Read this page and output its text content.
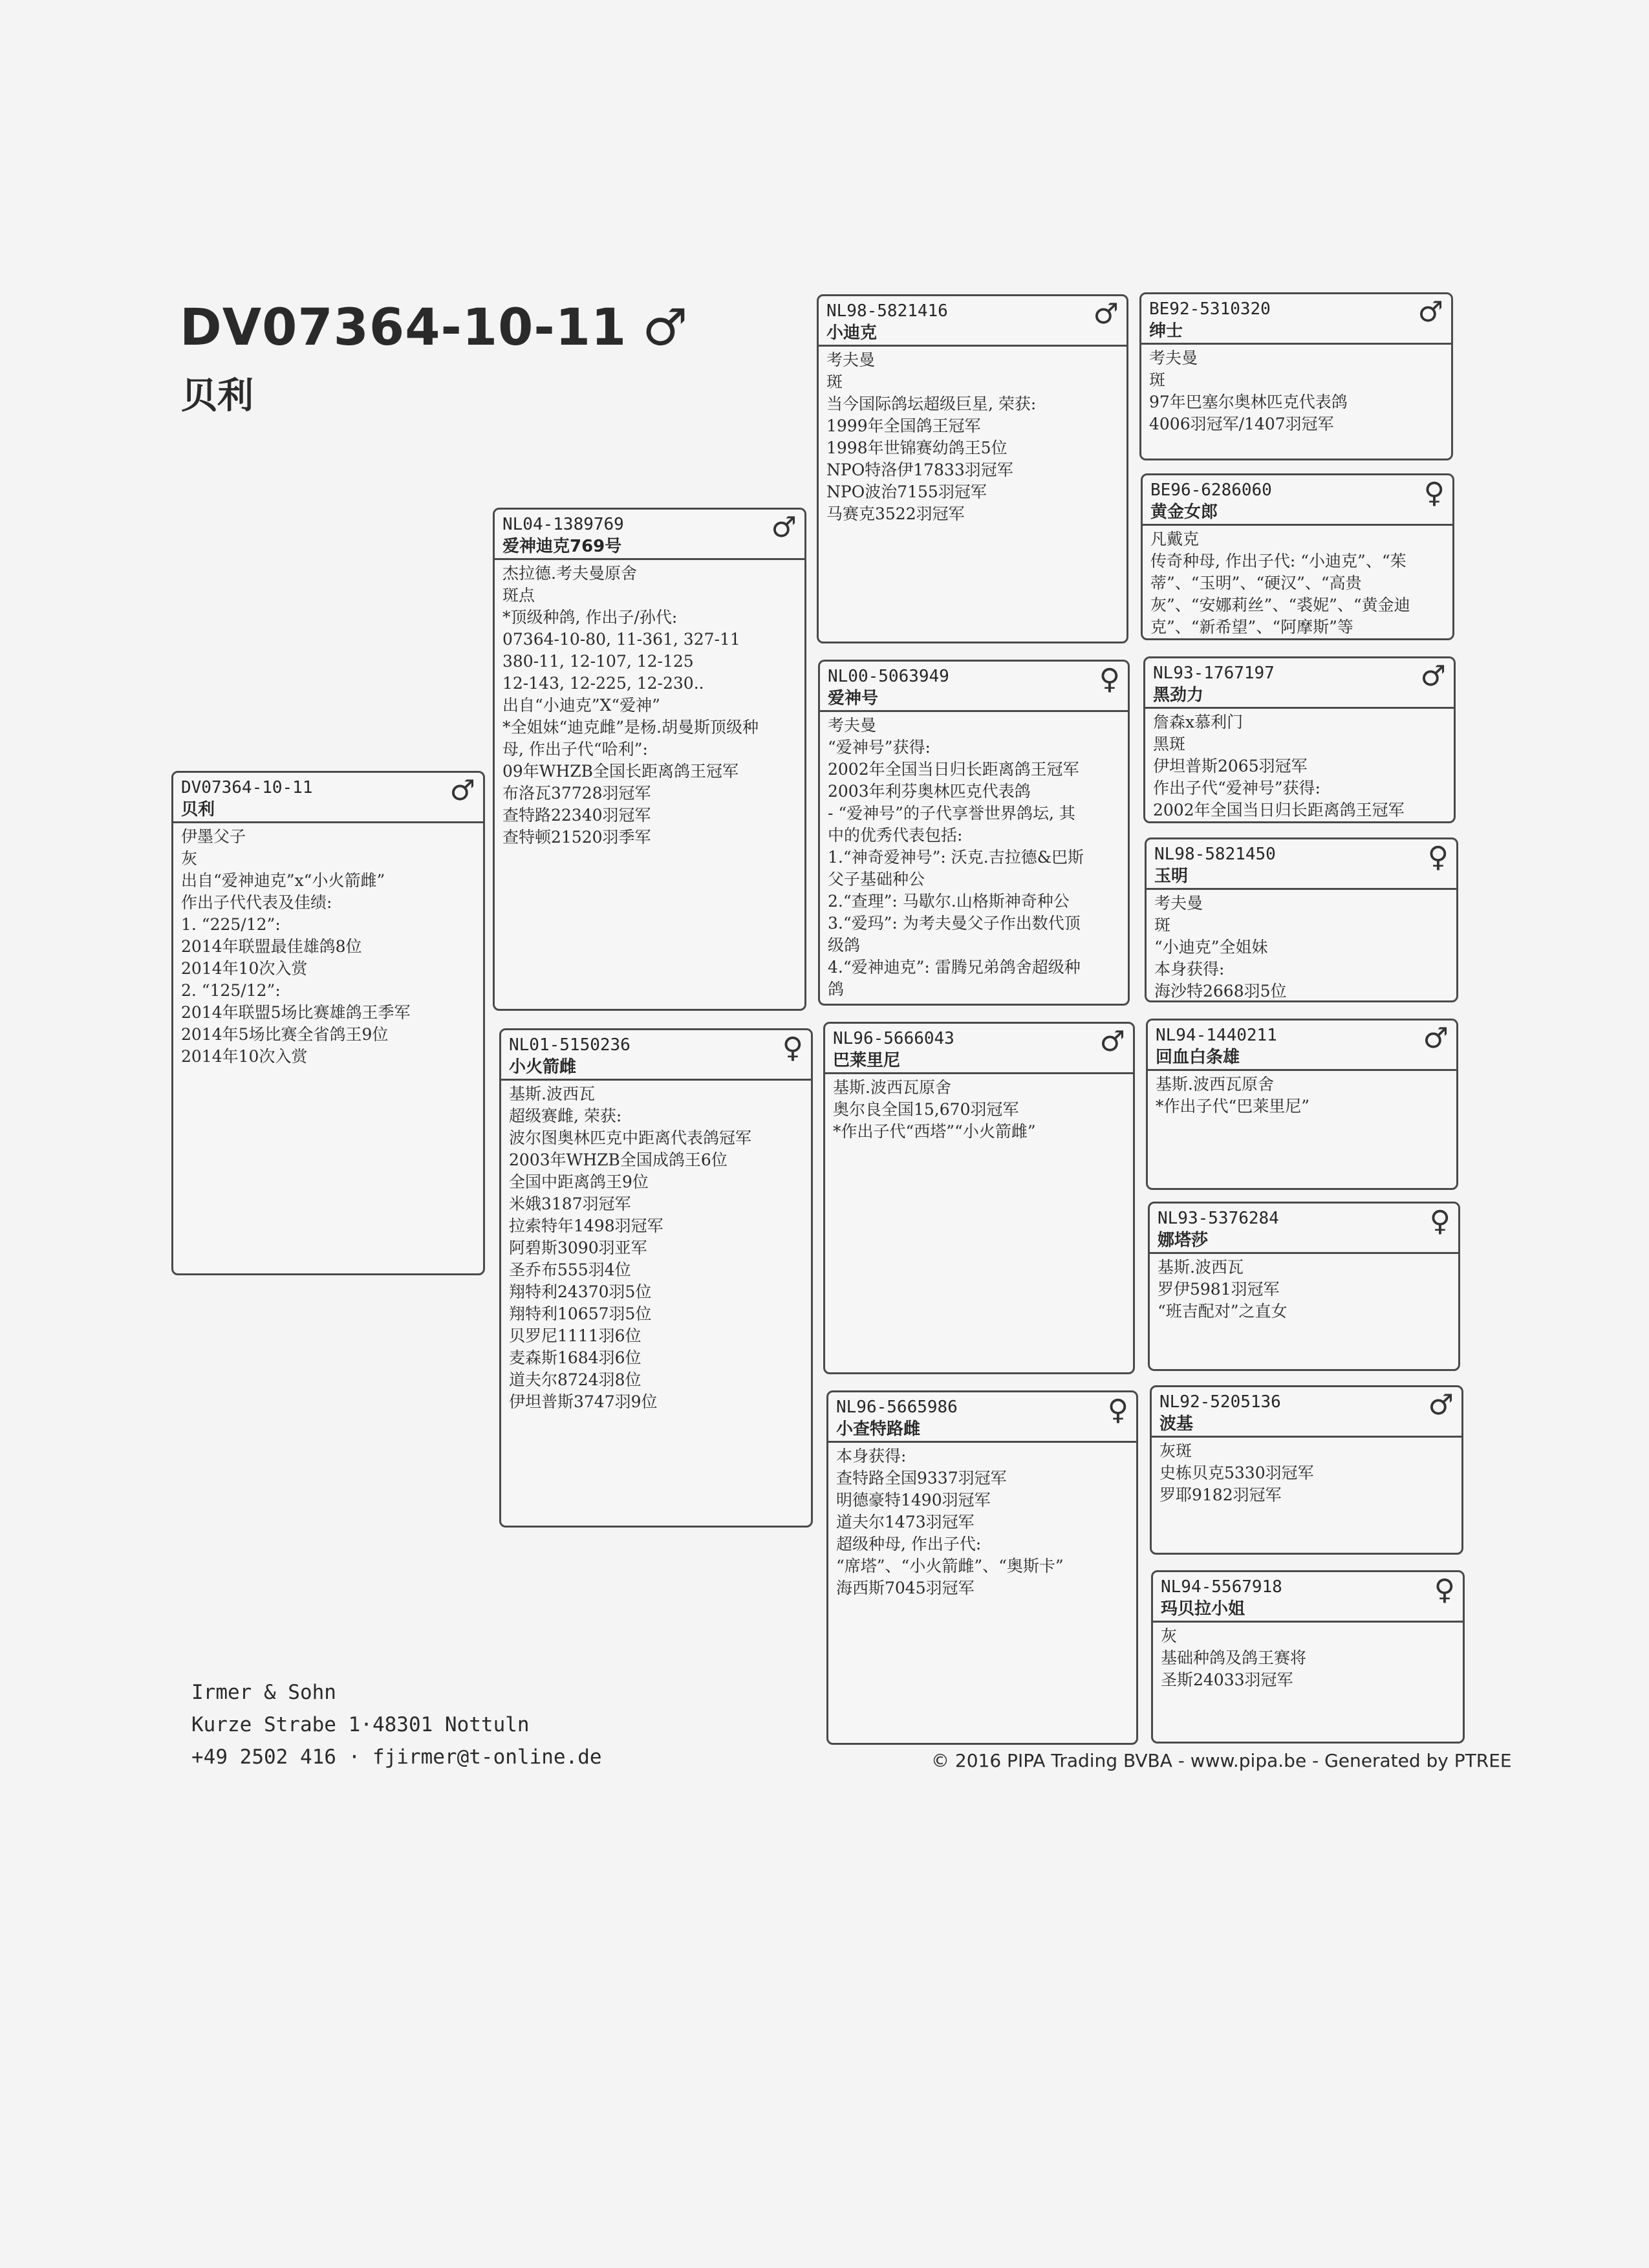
DV07364-10-11 ♂
贝利
DV07364-10-11
贝利
♂
伊墨父子
灰
出自“爱神迪克”x“小火箭雌”
作出子代代表及佳绩:
1. “225/12”:
2014年联盟最佳雄鸽8位
2014年10次入赏
2. “125/12”:
2014年联盟5场比赛雄鸽王季军
2014年5场比赛全省鸽王9位
2014年10次入赏
NL04-1389769
爱神迪克769号
♂
杰拉德.考夫曼原舍
斑点
*顶级种鸽, 作出子/孙代:
07364-10-80, 11-361, 327-11
380-11, 12-107, 12-125
12-143, 12-225, 12-230..
出自“小迪克”X“爱神”
*全姐妹“迪克雌”是杨.胡曼斯顶级种
母, 作出子代“哈利”:
09年WHZB全国长距离鸽王冠军
布洛瓦37728羽冠军
查特路22340羽冠军
查特顿21520羽季军
NL01-5150236
小火箭雌
♀
基斯.波西瓦
超级赛雌, 荣获:
波尔图奥林匹克中距离代表鸽冠军
2003年WHZB全国成鸽王6位
全国中距离鸽王9位
米娥3187羽冠军
拉索特年1498羽冠军
阿碧斯3090羽亚军
圣乔布555羽4位
翔特利24370羽5位
翔特利10657羽5位
贝罗尼1111羽6位
麦森斯1684羽6位
道夫尔8724羽8位
伊坦普斯3747羽9位
NL98-5821416
小迪克
♂
考夫曼
斑
当今国际鸽坛超级巨星, 荣获:
1999年全国鸽王冠军
1998年世锦赛幼鸽王5位
NPO特洛伊17833羽冠军
NPO波治7155羽冠军
马赛克3522羽冠军
NL00-5063949
爱神号
♀
考夫曼
“爱神号”获得:
2002年全国当日归长距离鸽王冠军
2003年利芬奥林匹克代表鸽
- “爱神号”的子代享誉世界鸽坛, 其
中的优秀代表包括:
1.“神奇爱神号”: 沃克.吉拉德&巴斯
父子基础种公
2.“查理”: 马歇尔.山格斯神奇种公
3.“爱玛”: 为考夫曼父子作出数代顶
级鸽
4.“爱神迪克”: 雷腾兄弟鸽舍超级种
鸽
NL96-5666043
巴莱里尼
♂
基斯.波西瓦原舍
奥尔良全国15,670羽冠军
*作出子代“西塔”“小火箭雌”
NL96-5665986
小查特路雌
♀
本身获得:
查特路全国9337羽冠军
明德豪特1490羽冠军
道夫尔1473羽冠军
超级种母, 作出子代:
“席塔”、“小火箭雌”、“奥斯卡”
海西斯7045羽冠军
BE92-5310320
绅士
♂
考夫曼
斑
97年巴塞尔奥林匹克代表鸽
4006羽冠军/1407羽冠军
BE96-6286060
黄金女郎
♀
凡戴克
传奇种母, 作出子代: “小迪克”、“茱
蒂”、“玉明”、“硬汉”、“高贵
灰”、“安娜莉丝”、“裘妮”、“黄金迪
克”、“新希望”、“阿摩斯”等
NL93-1767197
黑劲力
♂
詹森x慕利门
黑斑
伊坦普斯2065羽冠军
作出子代“爱神号”获得:
2002年全国当日归长距离鸽王冠军
NL98-5821450
玉明
♀
考夫曼
斑
“小迪克”全姐妹
本身获得:
海沙特2668羽5位
NL94-1440211
回血白条雄
♂
基斯.波西瓦原舍
*作出子代“巴莱里尼”
NL93-5376284
娜塔莎
♀
基斯.波西瓦
罗伊5981羽冠军
“班吉配对”之直女
NL92-5205136
波基
♂
灰斑
史栋贝克5330羽冠军
罗耶9182羽冠军
NL94-5567918
玛贝拉小姐
♀
灰
基础种鸽及鸽王赛将
圣斯24033羽冠军
Irmer & Sohn
Kurze Strabe 1·48301 Nottuln
+49 2502 416 · fjirmer@t-online.de	© 2016 PIPA Trading BVBA - www.pipa.be - Generated by PTREE
